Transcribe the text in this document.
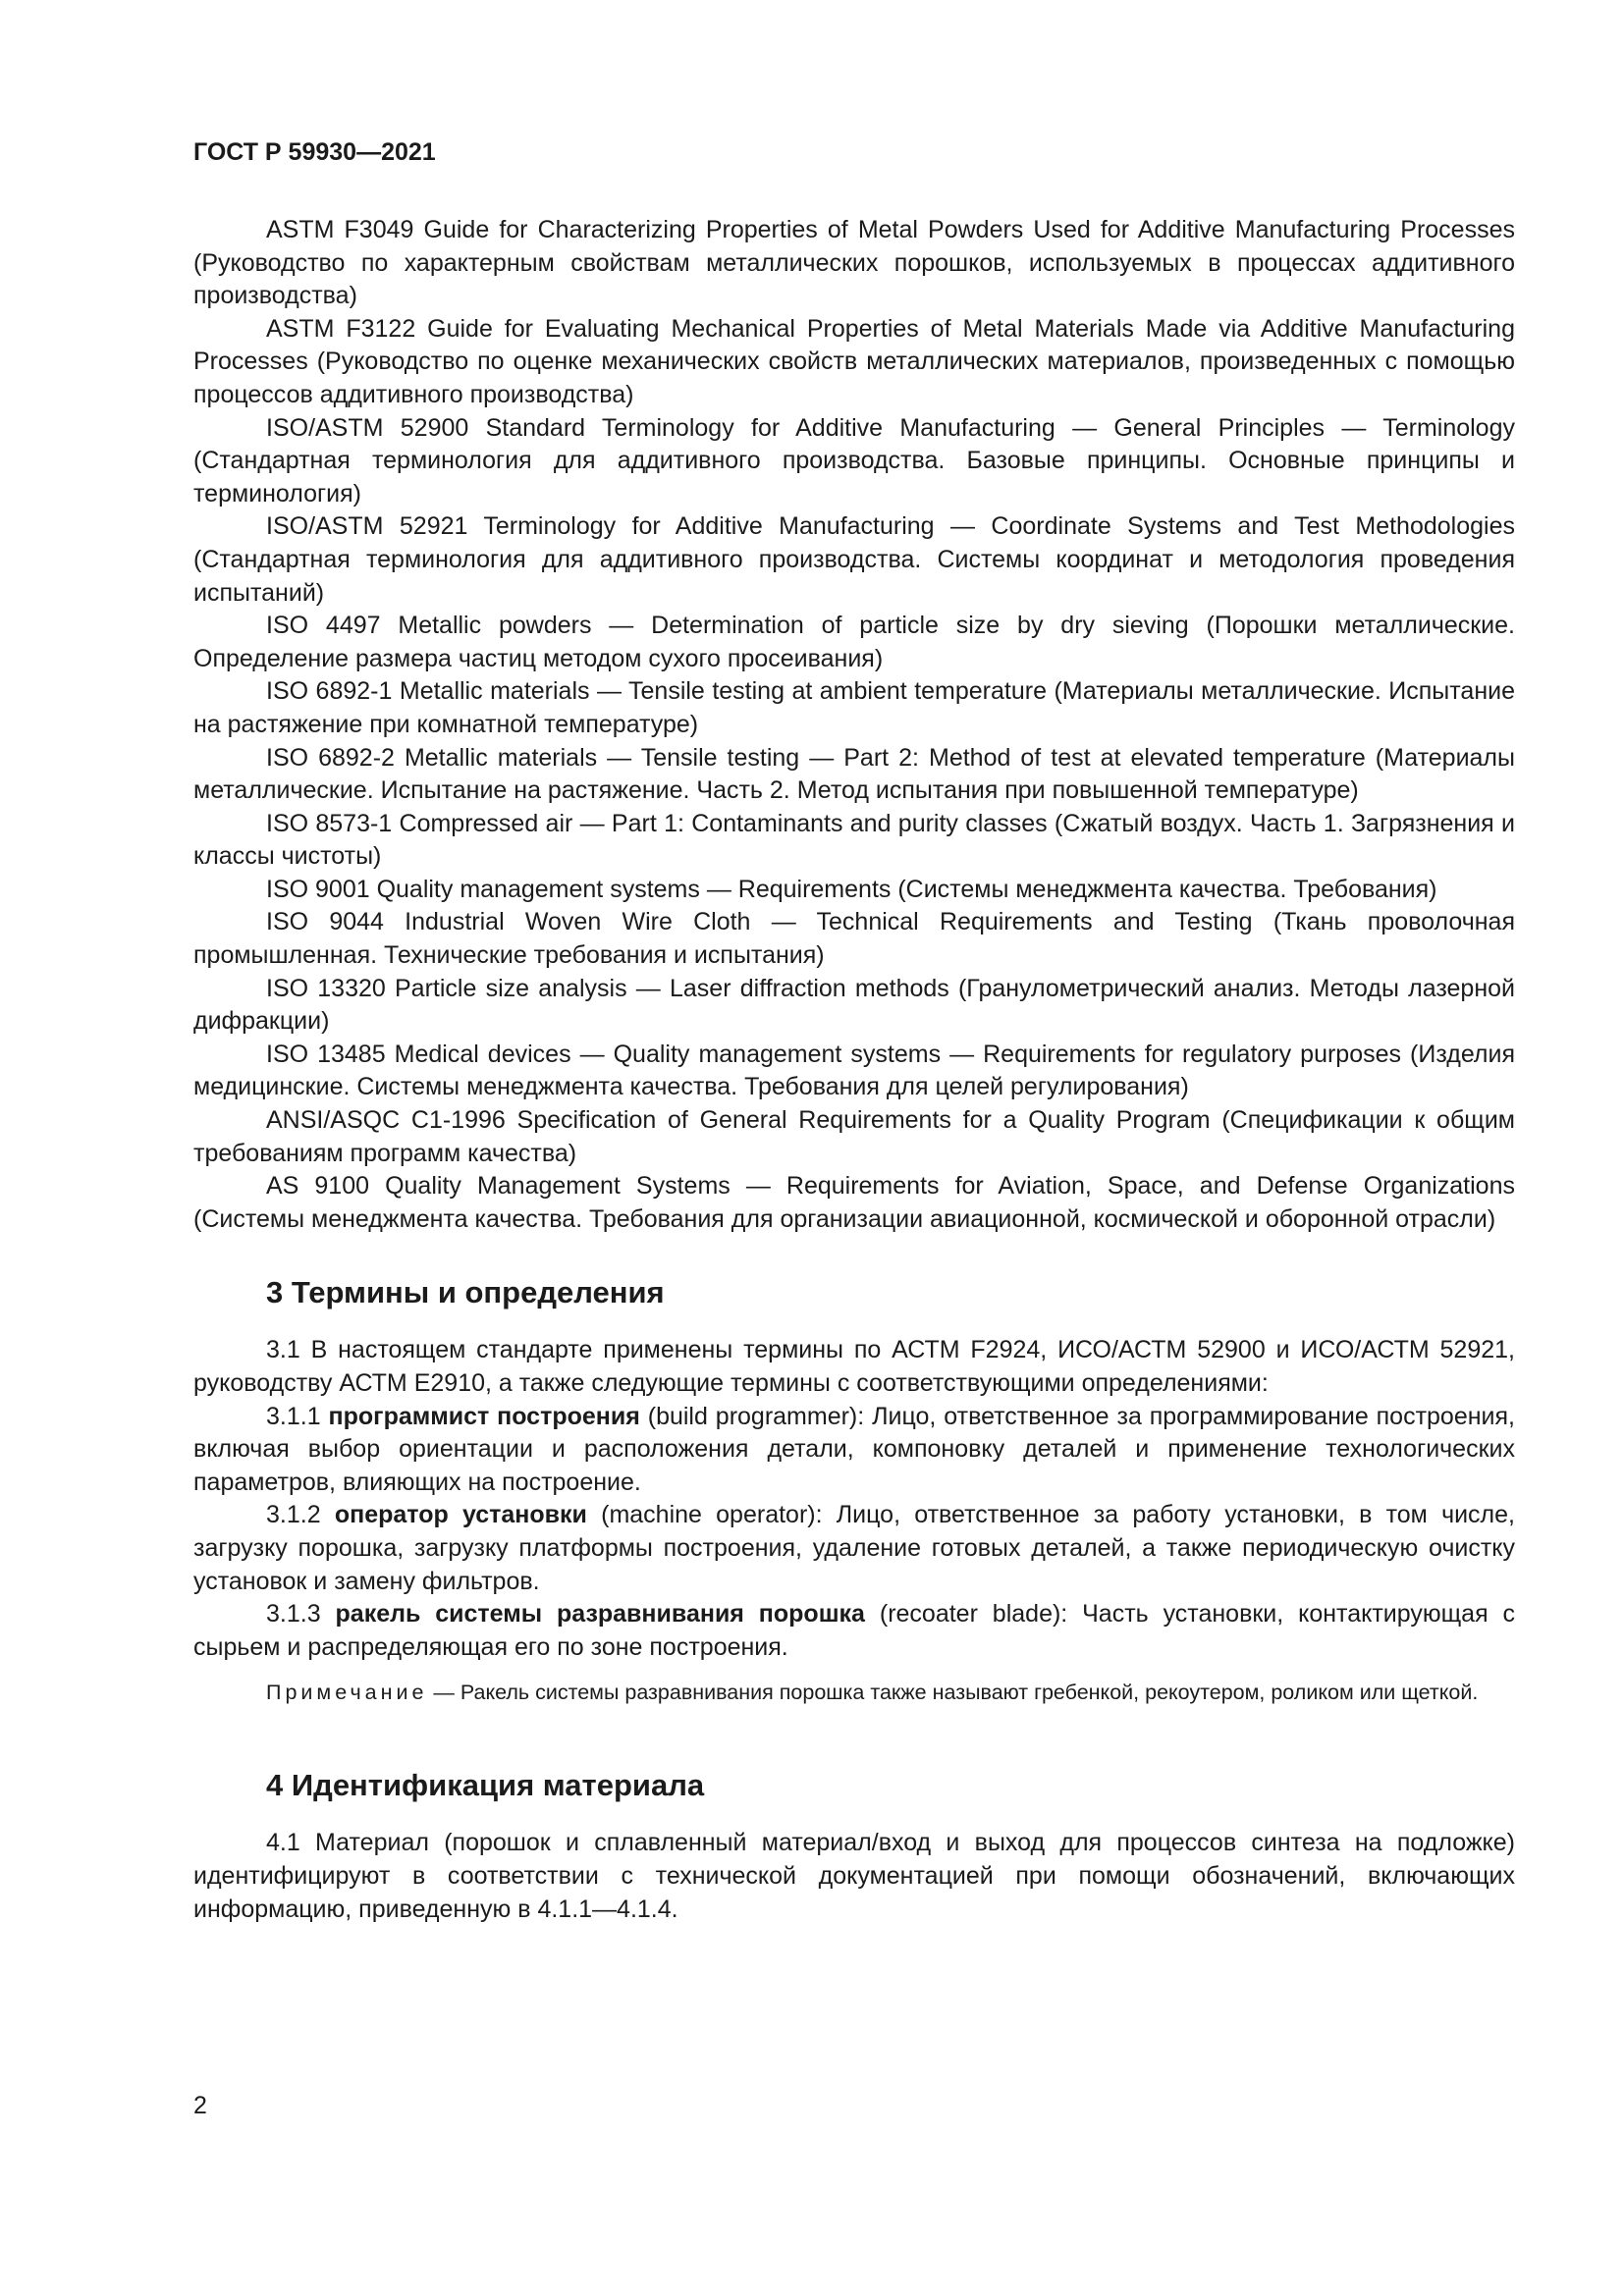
ГОСТ Р 59930—2021

ASTM F3049 Guide for Characterizing Properties of Metal Powders Used for Additive Manufacturing Processes (Руководство по характерным свойствам металлических порошков, используемых в процессах аддитивного производства)

ASTM F3122 Guide for Evaluating Mechanical Properties of Metal Materials Made via Additive Manufacturing Processes (Руководство по оценке механических свойств металлических материалов, произведенных с помощью процессов аддитивного производства)

ISO/ASTM 52900 Standard Terminology for Additive Manufacturing — General Principles — Terminology (Стандартная терминология для аддитивного производства. Базовые принципы. Основные принципы и терминология)

ISO/ASTM 52921 Terminology for Additive Manufacturing — Coordinate Systems and Test Methodologies (Стандартная терминология для аддитивного производства. Системы координат и методология проведения испытаний)

ISO 4497 Metallic powders — Determination of particle size by dry sieving (Порошки металлические. Определение размера частиц методом сухого просеивания)

ISO 6892-1 Metallic materials — Tensile testing at ambient temperature (Материалы металлические. Испытание на растяжение при комнатной температуре)

ISO 6892-2 Metallic materials — Tensile testing — Part 2: Method of test at elevated temperature (Материалы металлические. Испытание на растяжение. Часть 2. Метод испытания при повышенной температуре)

ISO 8573-1 Compressed air — Part 1: Contaminants and purity classes (Сжатый воздух. Часть 1. Загрязнения и классы чистоты)

ISO 9001 Quality management systems — Requirements (Системы менеджмента качества. Требования)

ISO 9044 Industrial Woven Wire Cloth — Technical Requirements and Testing (Ткань проволочная промышленная. Технические требования и испытания)

ISO 13320 Particle size analysis — Laser diffraction methods (Гранулометрический анализ. Методы лазерной дифракции)

ISO 13485 Medical devices — Quality management systems — Requirements for regulatory purposes (Изделия медицинские. Системы менеджмента качества. Требования для целей регулирования)

ANSI/ASQC C1-1996 Specification of General Requirements for a Quality Program (Спецификации к общим требованиям программ качества)

AS 9100 Quality Management Systems — Requirements for Aviation, Space, and Defense Organizations (Системы менеджмента качества. Требования для организации авиационной, космической и оборонной отрасли)

3 Термины и определения

3.1 В настоящем стандарте применены термины по АСТМ F2924, ИСО/АСТМ 52900 и ИСО/АСТМ 52921, руководству АСТМ Е2910, а также следующие термины с соответствующими определениями:

3.1.1 программист построения (build programmer): Лицо, ответственное за программирование построения, включая выбор ориентации и расположения детали, компоновку деталей и применение технологических параметров, влияющих на построение.

3.1.2 оператор установки (machine operator): Лицо, ответственное за работу установки, в том числе, загрузку порошка, загрузку платформы построения, удаление готовых деталей, а также периодическую очистку установок и замену фильтров.

3.1.3 ракель системы разравнивания порошка (recoater blade): Часть установки, контактирующая с сырьем и распределяющая его по зоне построения.

Примечание — Ракель системы разравнивания порошка также называют гребенкой, рекоутером, роликом или щеткой.

4 Идентификация материала

4.1 Материал (порошок и сплавленный материал/вход и выход для процессов синтеза на подложке) идентифицируют в соответствии с технической документацией при помощи обозначений, включающих информацию, приведенную в 4.1.1—4.1.4.

2
